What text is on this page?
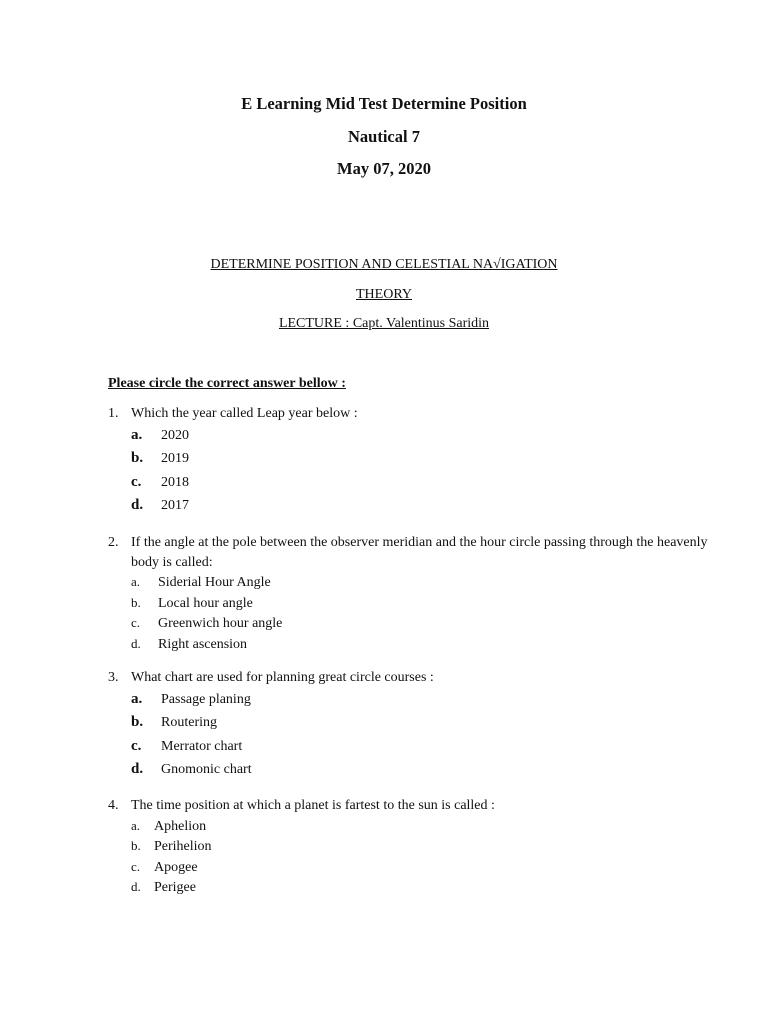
E Learning Mid Test Determine Position
Nautical 7
May 07, 2020
DETERMINE POSITION AND CELESTIAL NA√IGATION
THEORY
LECTURE : Capt. Valentinus Saridin
Please circle the correct answer bellow :
1. Which the year called Leap year below :
a.	2020
b.	2019
c.	2018
d.	2017
2. If the angle at the pole between the observer meridian and the hour circle passing through the heavenly body is called:
a.	Siderial Hour Angle
b.	Local hour angle
c.	Greenwich hour angle
d.	Right ascension
3. What chart are used for planning great circle courses :
a.	Passage planing
b.	Routering
c.	Merrator chart
d.	Gnomonic chart
4. The time position at which a planet is fartest to the sun is called :
a. Aphelion
b. Perihelion
c. Apogee
d. Perigee
